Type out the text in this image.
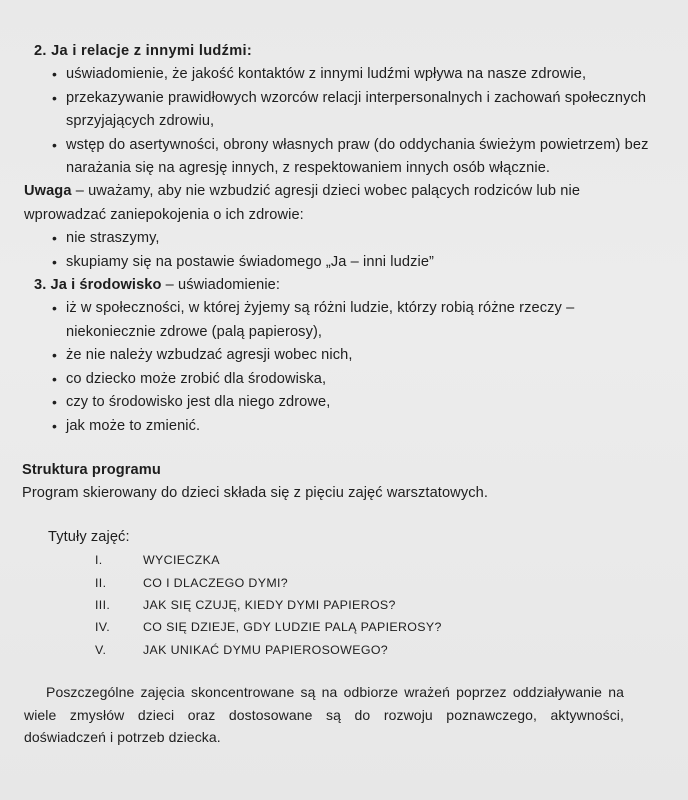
2. Ja i relacje z innymi ludźmi:

• uświadomienie, że jakość kontaktów z innymi ludźmi wpływa na nasze zdrowie,
• przekazywanie prawidłowych wzorców relacji interpersonalnych i zachowań społecznych sprzyjających zdrowiu,
• wstęp do asertywności, obrony własnych praw (do oddychania świeżym powietrzem) bez narażania się na agresję innych, z respektowaniem innych osób włącznie.

Uwaga – uważamy, aby nie wzbudzić agresji dzieci wobec palących rodziców lub nie wprowadzać zaniepokojenia o ich zdrowie:

• nie straszymy,
• skupiamy się na postawie świadomego „Ja – inni ludzie”

3. Ja i środowisko – uświadomienie:

• iż w społeczności, w której żyjemy są różni ludzie, którzy robią różne rzeczy – niekoniecznie zdrowe (palą papierosy),
• że nie należy wzbudzać agresji wobec nich,
• co dziecko może zrobić dla środowiska,
• czy to środowisko jest dla niego zdrowe,
• jak może to zmienić.
Struktura programu

Program skierowany do dzieci składa się z pięciu zajęć warsztatowych.

Tytuły zajęć:
I.	WYCIECZKA
II.	CO I DLACZEGO DYMI?
III.	JAK SIĘ CZUJĘ, KIEDY DYMI PAPIEROS?
IV.	CO SIĘ DZIEJE, GDY LUDZIE PALĄ PAPIEROSY?
V.	JAK UNIKAĆ DYMU PAPIEROSOWEGO?

Poszczególne zajęcia skoncentrowane są na odbiorze wrażeń poprzez oddziaływanie na wiele zmysłów dzieci oraz dostosowane są do rozwoju poznawczego, aktywności, doświadczeń i potrzeb dziecka.
